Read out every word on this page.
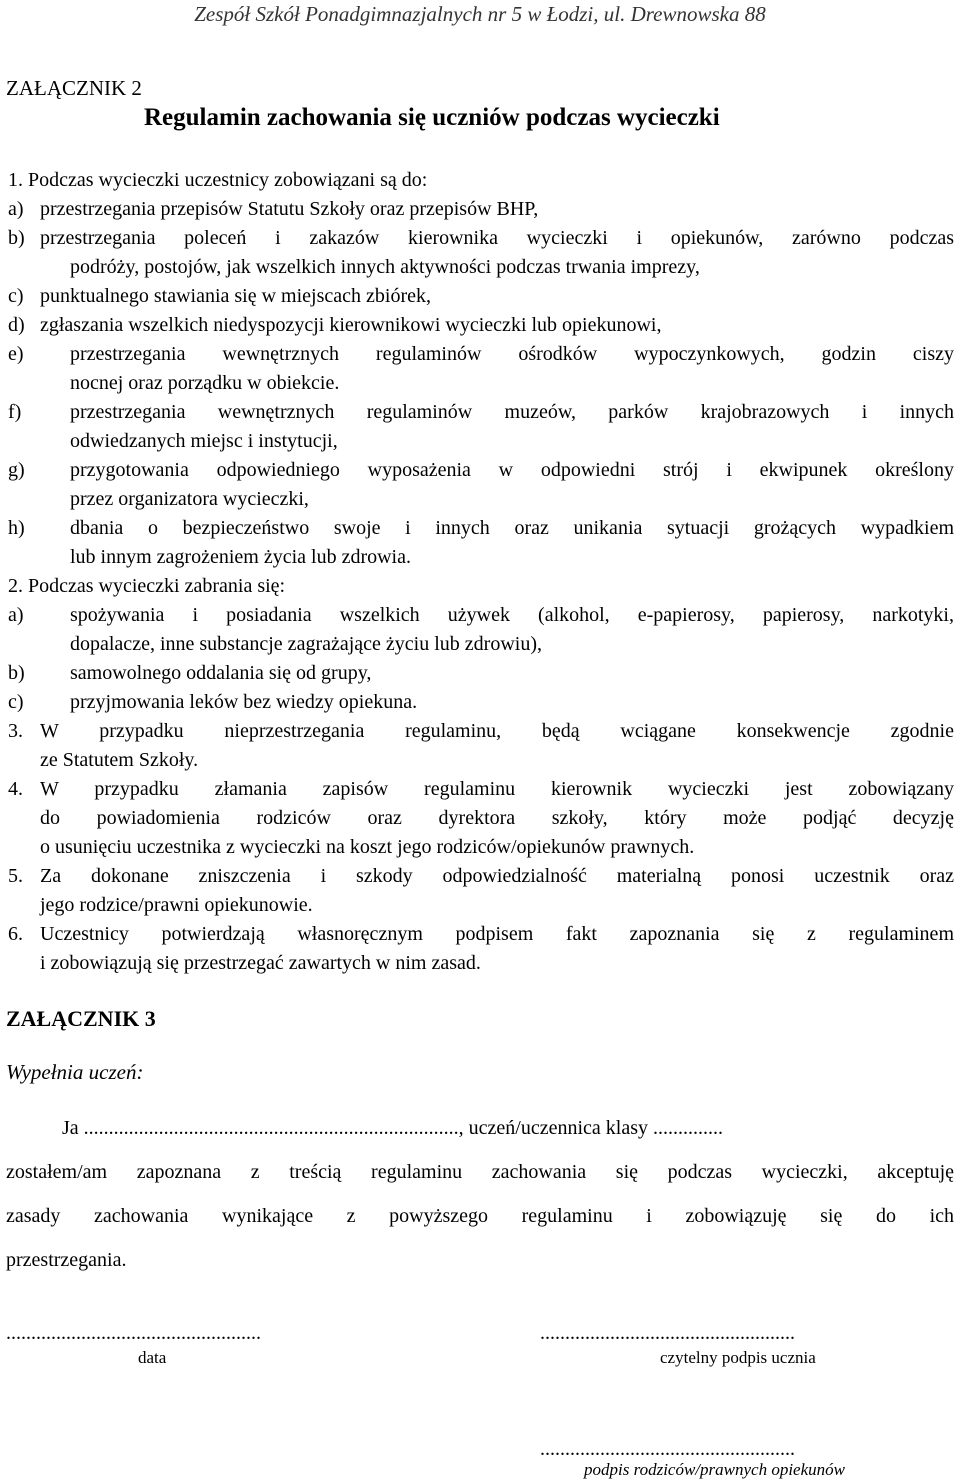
Zespół Szkół Ponadgimnazjalnych nr 5 w Łodzi, ul. Drewnowska 88
ZAŁĄCZNIK 2
Regulamin zachowania się uczniów podczas wycieczki
1. Podczas wycieczki uczestnicy zobowiązani są do:
a) przestrzegania przepisów Statutu Szkoły oraz przepisów BHP,
b) przestrzegania poleceń i zakazów kierownika wycieczki i opiekunów, zarówno podczas
podróży, postojów, jak wszelkich innych aktywności podczas trwania imprezy,
c) punktualnego stawiania się w miejscach zbiórek,
d) zgłaszania wszelkich niedyspozycji kierownikowi wycieczki lub opiekunowi,
e) przestrzegania wewnętrznych regulaminów ośrodków wypoczynkowych, godzin ciszy
nocnej oraz porządku w obiekcie.
f) przestrzegania wewnętrznych regulaminów muzeów, parków krajobrazowych i innych
odwiedzanych miejsc i instytucji,
g) przygotowania odpowiedniego wyposażenia w odpowiedni strój i ekwipunek określony
przez organizatora wycieczki,
h) dbania o bezpieczeństwo swoje i innych oraz unikania sytuacji grożących wypadkiem
lub innym zagrożeniem życia lub zdrowia.
2. Podczas wycieczki zabrania się:
a) spożywania i posiadania wszelkich używek (alkohol, e-papierosy, papierosy, narkotyki,
dopalacze, inne substancje zagrażające życiu lub zdrowiu),
b) samowolnego oddalania się od grupy,
c) przyjmowania leków bez wiedzy opiekuna.
3. W przypadku nieprzestrzegania regulaminu, będą wciągane konsekwencje zgodnie
ze Statutem Szkoły.
4. W przypadku złamania zapisów regulaminu kierownik wycieczki jest zobowiązany
do powiadomienia rodziców oraz dyrektora szkoły, który może podjąć decyzję
o usunięciu uczestnika z wycieczki na koszt jego rodziców/opiekunów prawnych.
5. Za dokonane zniszczenia i szkody odpowiedzialność materialną ponosi uczestnik oraz
jego rodzice/prawni opiekunowie.
6. Uczestnicy potwierdzają własnoręcznym podpisem fakt zapoznania się z regulaminem
i zobowiązują się przestrzegać zawartych w nim zasad.
ZAŁĄCZNIK 3
Wypełnia uczeń:
Ja ..........................................................................., uczeń/uczennica klasy ..............
zostałem/am zapoznana z treścią regulaminu zachowania się podczas wycieczki, akceptuję
zasady zachowania wynikające z powyższego regulaminu i zobowiązuję się do ich
przestrzegania.
...................................................
data
...................................................
czytelny podpis ucznia
...................................................
podpis rodziców/prawnych opiekunów
